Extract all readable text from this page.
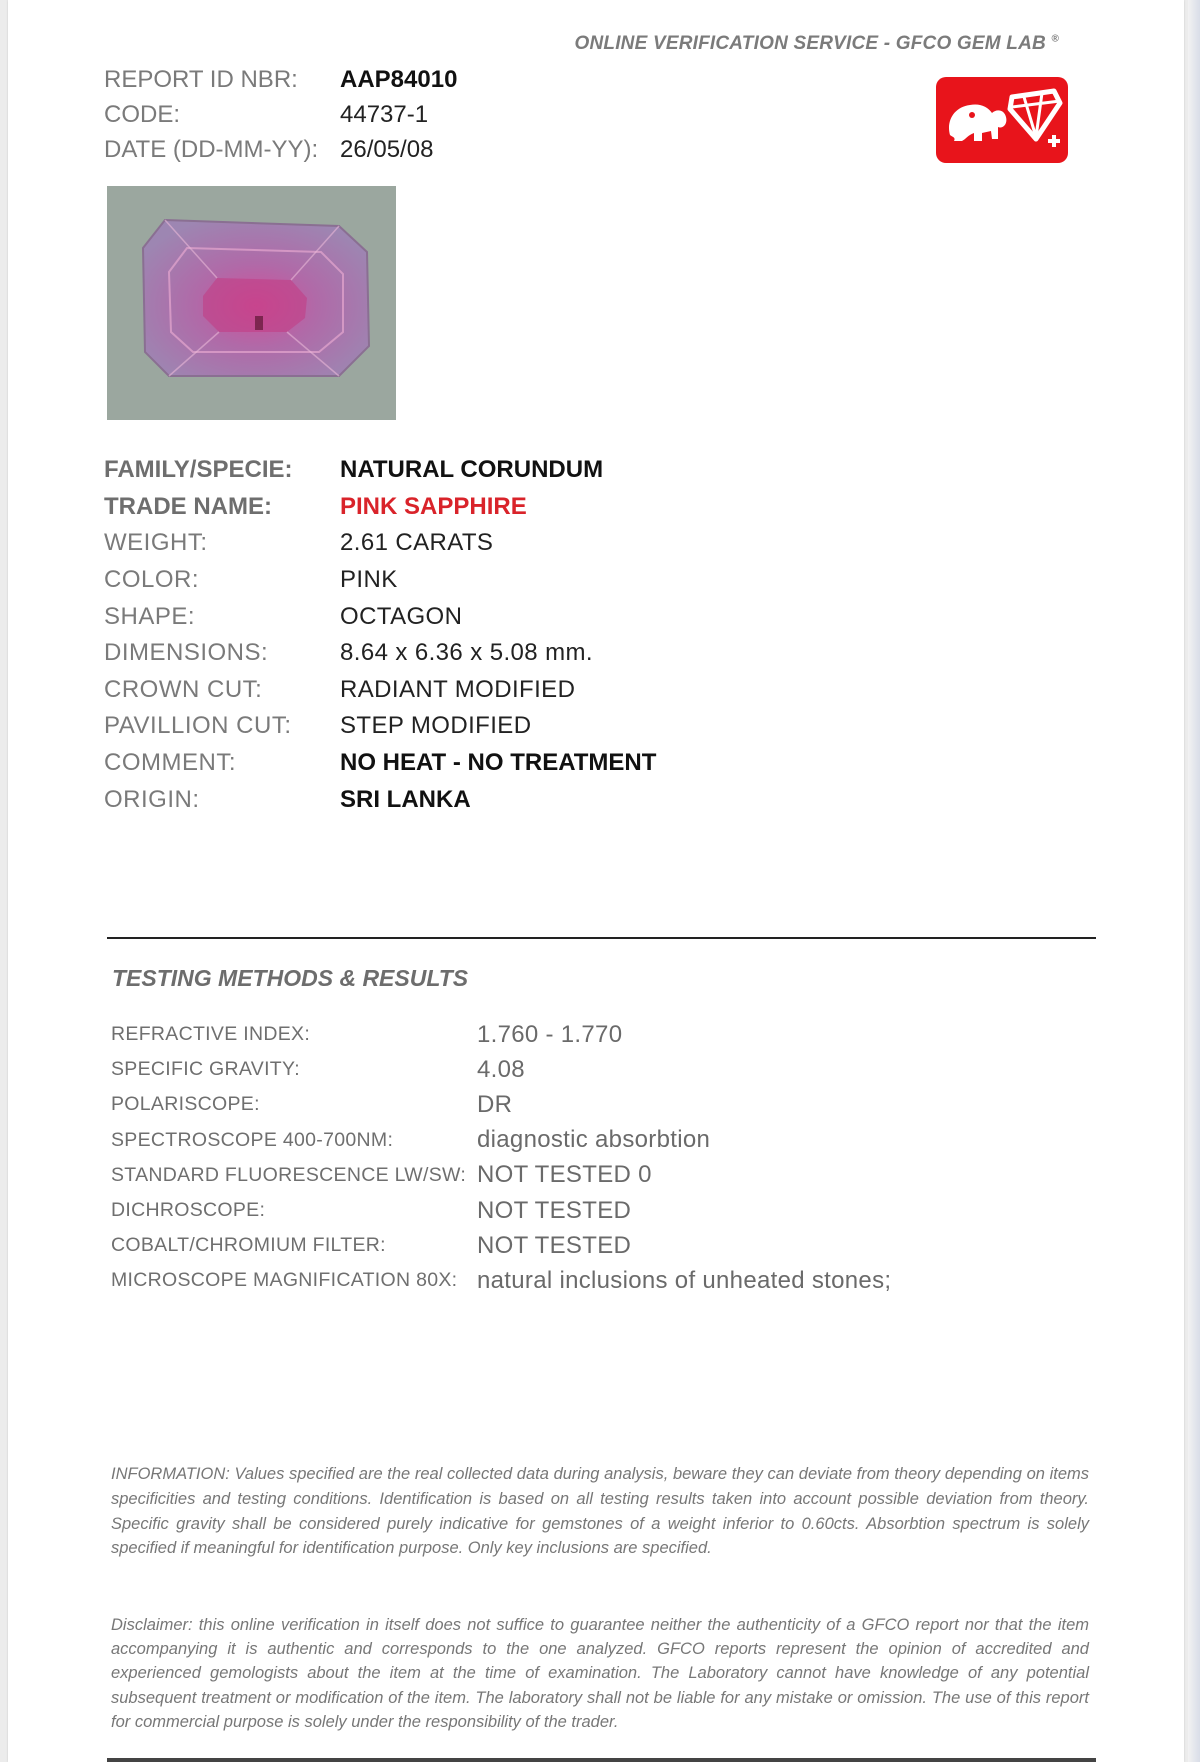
ONLINE VERIFICATION SERVICE - GFCO GEM LAB ®
REPORT ID NBR:	AAP84010
CODE:	44737-1
DATE (DD-MM-YY): 26/05/08
FAMILY/SPECIE:	NATURAL CORUNDUM
TRADE NAME:	PINK SAPPHIRE
WEIGHT:	2.61 CARATS
COLOR:	PINK
SHAPE:	OCTAGON
DIMENSIONS:	8.64 x 6.36 x 5.08 mm.
CROWN CUT:	RADIANT MODIFIED
PAVILLION CUT:	STEP MODIFIED
COMMENT:	NO HEAT - NO TREATMENT
ORIGIN:	SRI LANKA
TESTING METHODS & RESULTS
REFRACTIVE INDEX:	1.760 - 1.770
SPECIFIC GRAVITY:	4.08
POLARISCOPE:	DR
SPECTROSCOPE 400-700NM:	diagnostic absorbtion
STANDARD FLUORESCENCE LW/SW: NOT TESTED 0
DICHROSCOPE:	NOT TESTED
COBALT/CHROMIUM FILTER:	NOT TESTED
MICROSCOPE MAGNIFICATION 80X: natural inclusions of unheated stones;
INFORMATION: Values specified are the real collected data during analysis, beware they can deviate from theory depending on items specificities and testing conditions. Identification is based on all testing results taken into account possible deviation from theory. Specific gravity shall be considered purely indicative for gemstones of a weight inferior to 0.60cts. Absorbtion spectrum is solely specified if meaningful for identification purpose. Only key inclusions are specified.
Disclaimer: this online verification in itself does not suffice to guarantee neither the authenticity of a GFCO report nor that the item accompanying it is authentic and corresponds to the one analyzed. GFCO reports represent the opinion of accredited and experienced gemologists about the item at the time of examination. The Laboratory cannot have knowledge of any potential subsequent treatment or modification of the item. The laboratory shall not be liable for any mistake or omission. The use of this report for commercial purpose is solely under the responsibility of the trader.
